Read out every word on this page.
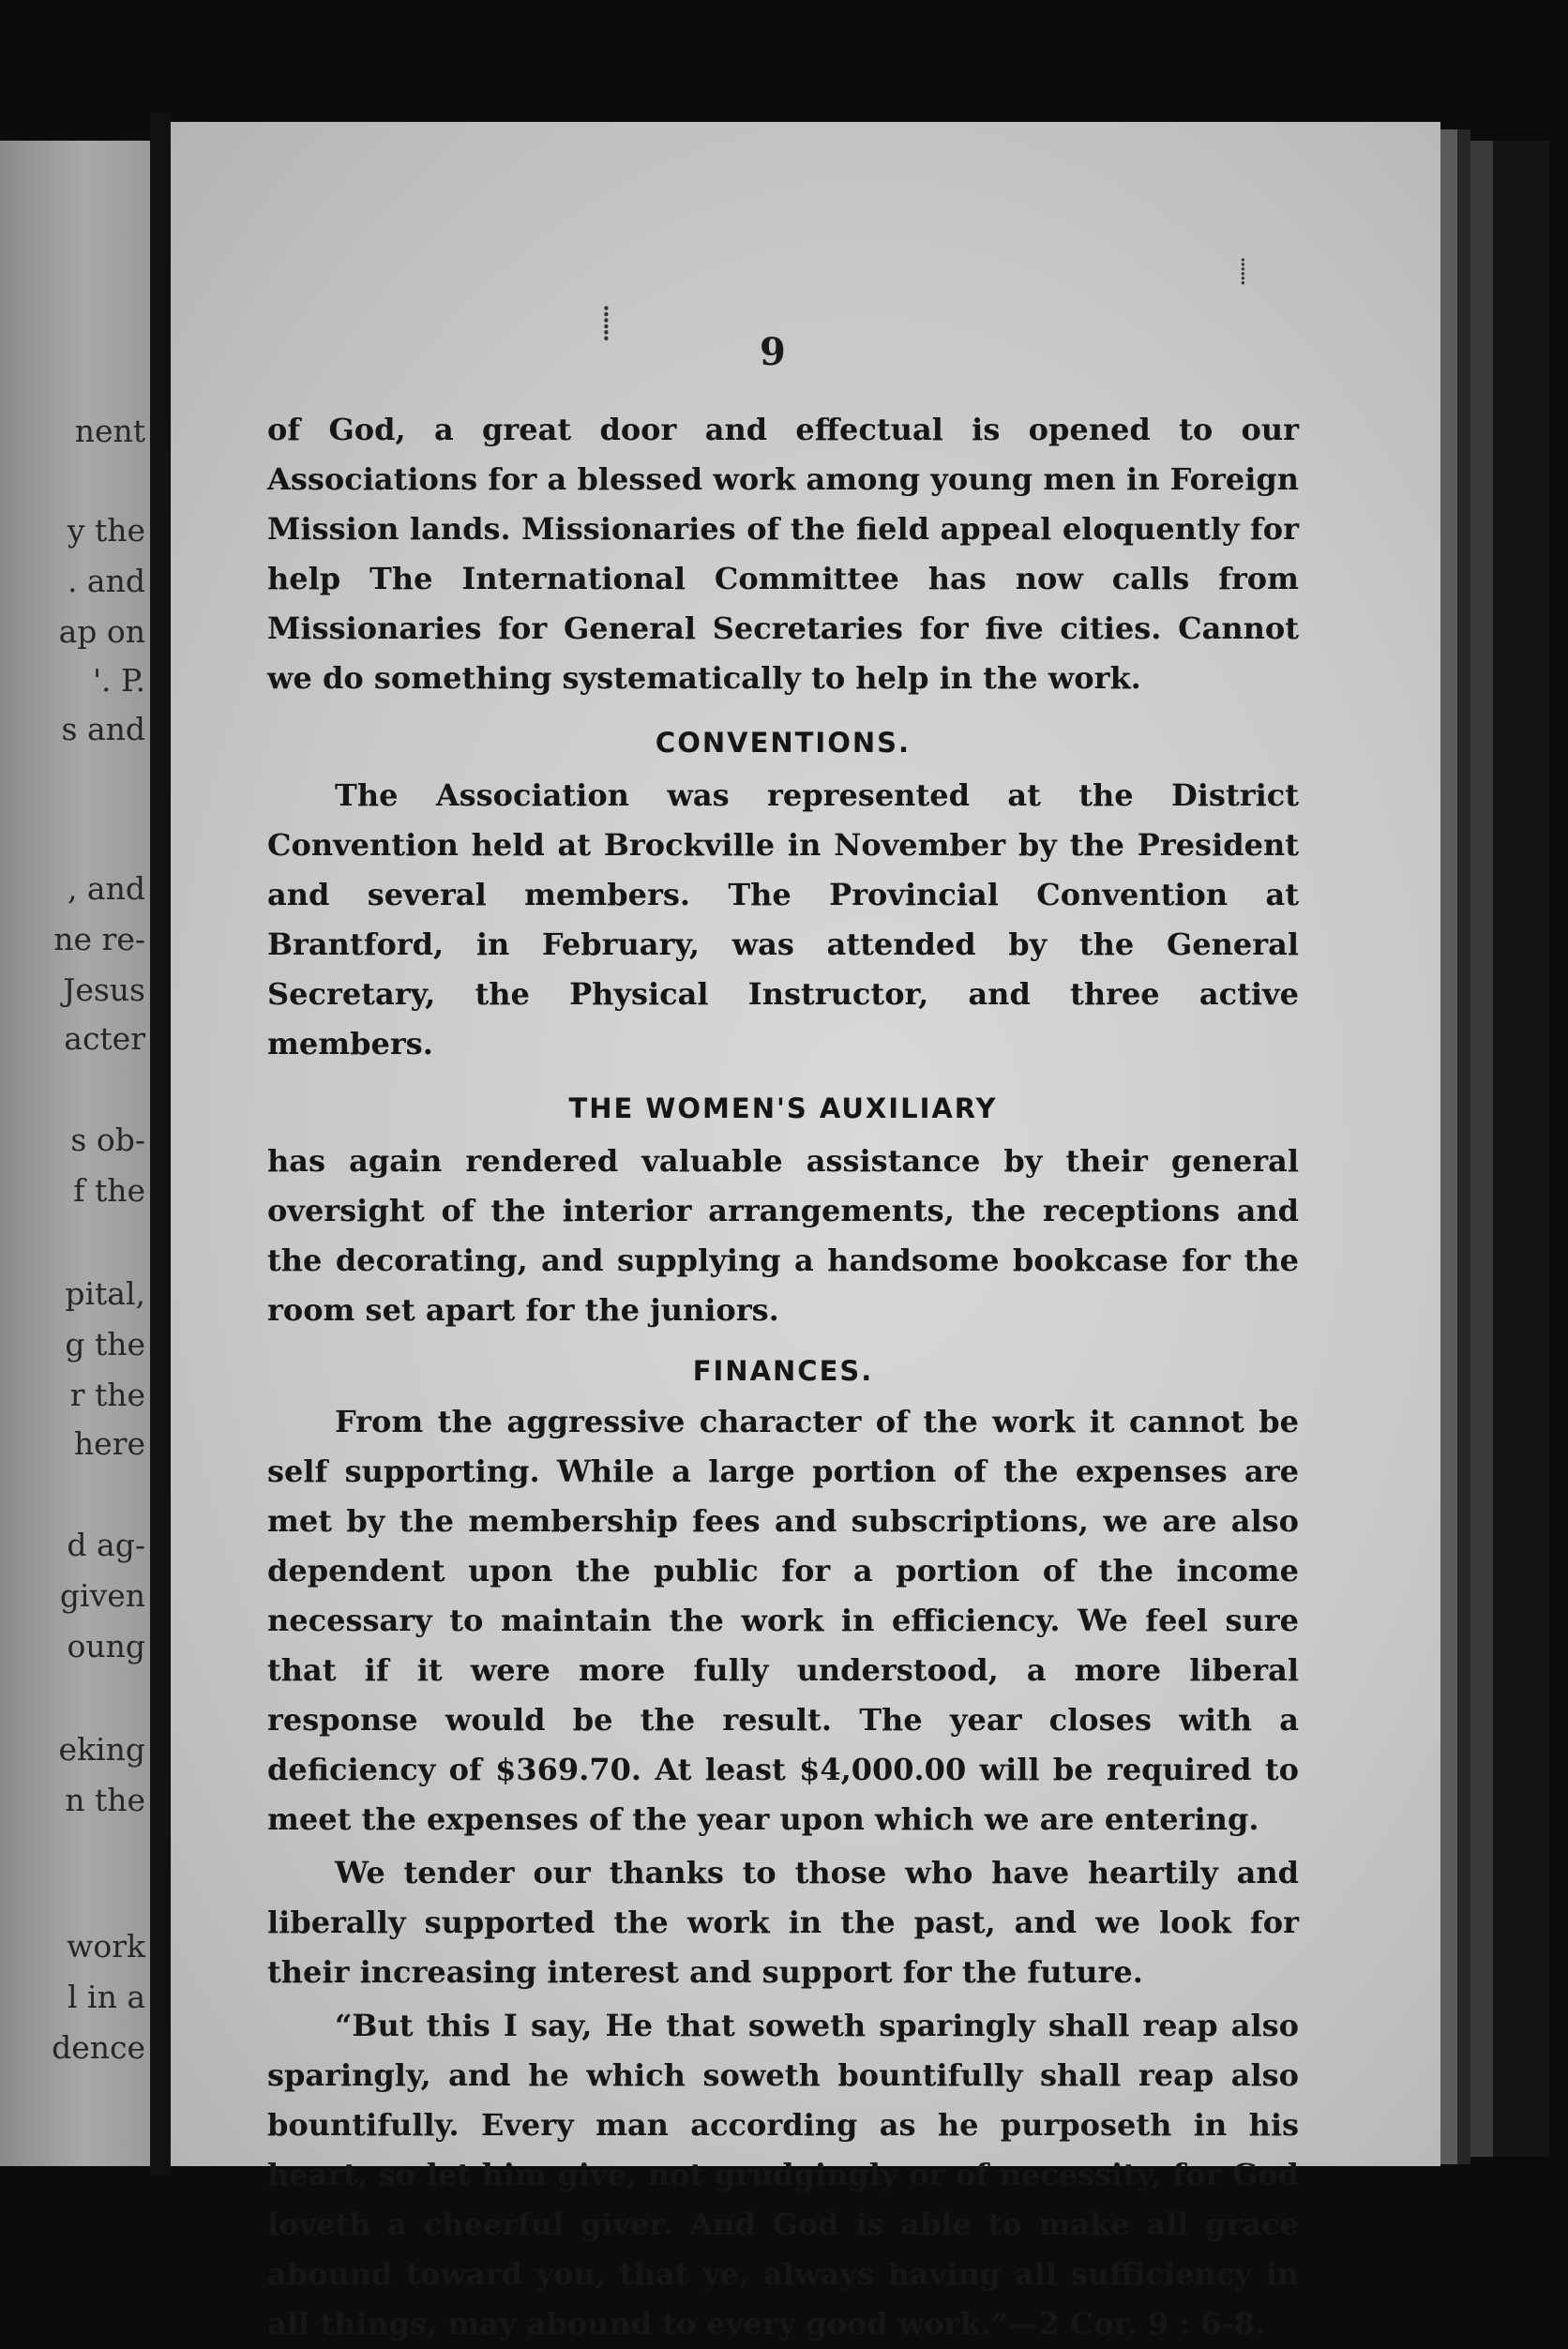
nent
y the
. and
ap on
'. P.
s and
, and
ne re-
Jesus
acter
s ob-
f the
pital,
g the
r the
here
d ag-
given
oung
eking
n the
work
l in a
dence
9
⸽
⸽

of God, a great door and effectual is opened to our Associations for a blessed work among young men in Foreign Mission lands. Missionaries of the field appeal eloquently for help The International Committee has now calls from Missionaries for General Secretaries for five cities. Cannot we do something systematically to help in the work.

CONVENTIONS.

The Association was represented at the District Convention held at Brockville in November by the President and several members. The Provincial Convention at Brantford, in February, was attended by the General Secretary, the Physical Instructor, and three active members.

THE WOMEN'S AUXILIARY

has again rendered valuable assistance by their general oversight of the interior arrangements, the receptions and the decorating, and supplying a handsome bookcase for the room set apart for the juniors.

FINANCES.

From the aggressive character of the work it cannot be self supporting. While a large portion of the expenses are met by the membership fees and subscriptions, we are also dependent upon the public for a portion of the income necessary to maintain the work in efficiency. We feel sure that if it were more fully understood, a more liberal response would be the result. The year closes with a deficiency of $369.70. At least $4,000.00 will be required to meet the expenses of the year upon which we are entering.

We tender our thanks to those who have heartily and liberally supported the work in the past, and we look for their increasing interest and support for the future.

“But this I say, He that soweth sparingly shall reap also sparingly, and he which soweth bountifully shall reap also bountifully. Every man according as he purposeth in his heart, so let him give, not grudgingly or of necessity, for God loveth a cheerful giver. And God is able to make all grace abound toward you, that ye, always having all sufficiency in all things, may abound to every good work.”—2 Cor. 9 : 6-8.
